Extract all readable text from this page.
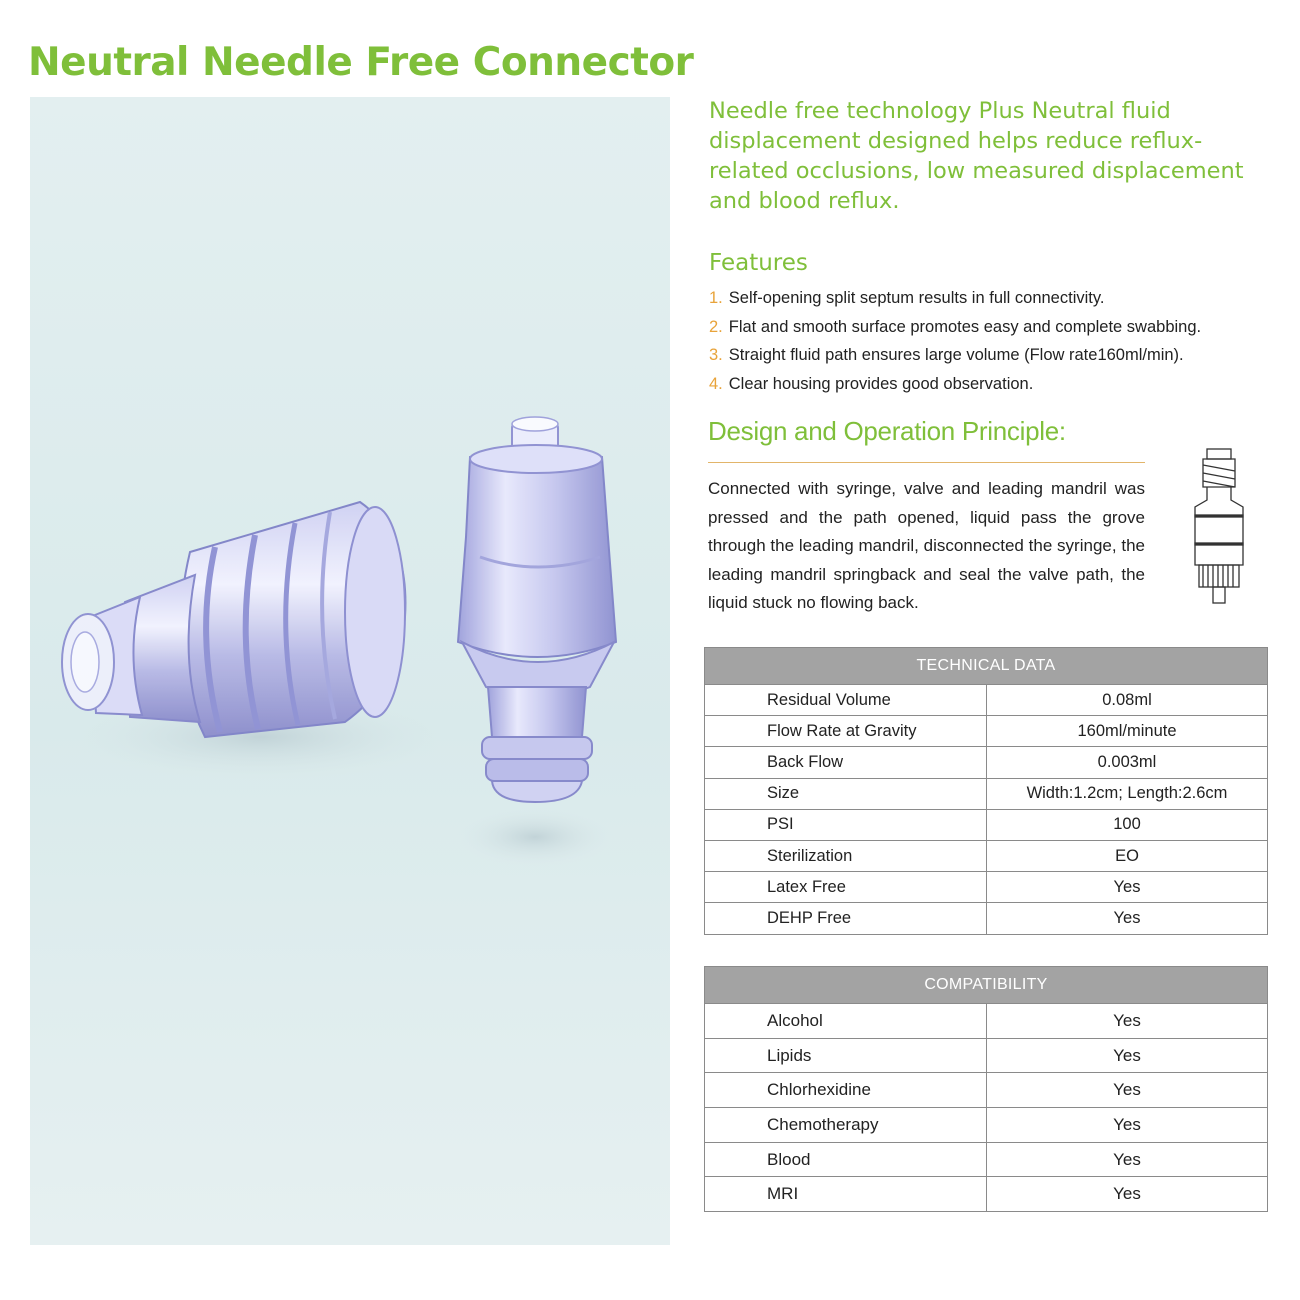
Neutral Needle Free Connector
Needle free technology Plus Neutral fluid displacement designed helps reduce reflux-related occlusions, low measured displacement and blood reflux.
Features
1. Self-opening split septum results in full connectivity.
2. Flat and smooth surface promotes easy and complete swabbing.
3. Straight fluid path ensures large volume (Flow rate160ml/min).
4. Clear housing provides good observation.
Design and Operation Principle:
Connected with syringe, valve and leading mandril was pressed and the path opened, liquid pass the grove through the leading mandril, disconnected the syringe, the leading mandril springback and seal the valve path, the liquid stuck no flowing back.
TECHNICAL DATA	
Residual Volume	0.08ml
Flow Rate at Gravity	160ml/minute
Back Flow	0.003ml
Size	Width:1.2cm; Length:2.6cm
PSI	100
Sterilization	EO
Latex Free	Yes
DEHP Free	Yes
COMPATIBILITY	
Alcohol	Yes
Lipids	Yes
Chlorhexidine	Yes
Chemotherapy	Yes
Blood	Yes
MRI	Yes
